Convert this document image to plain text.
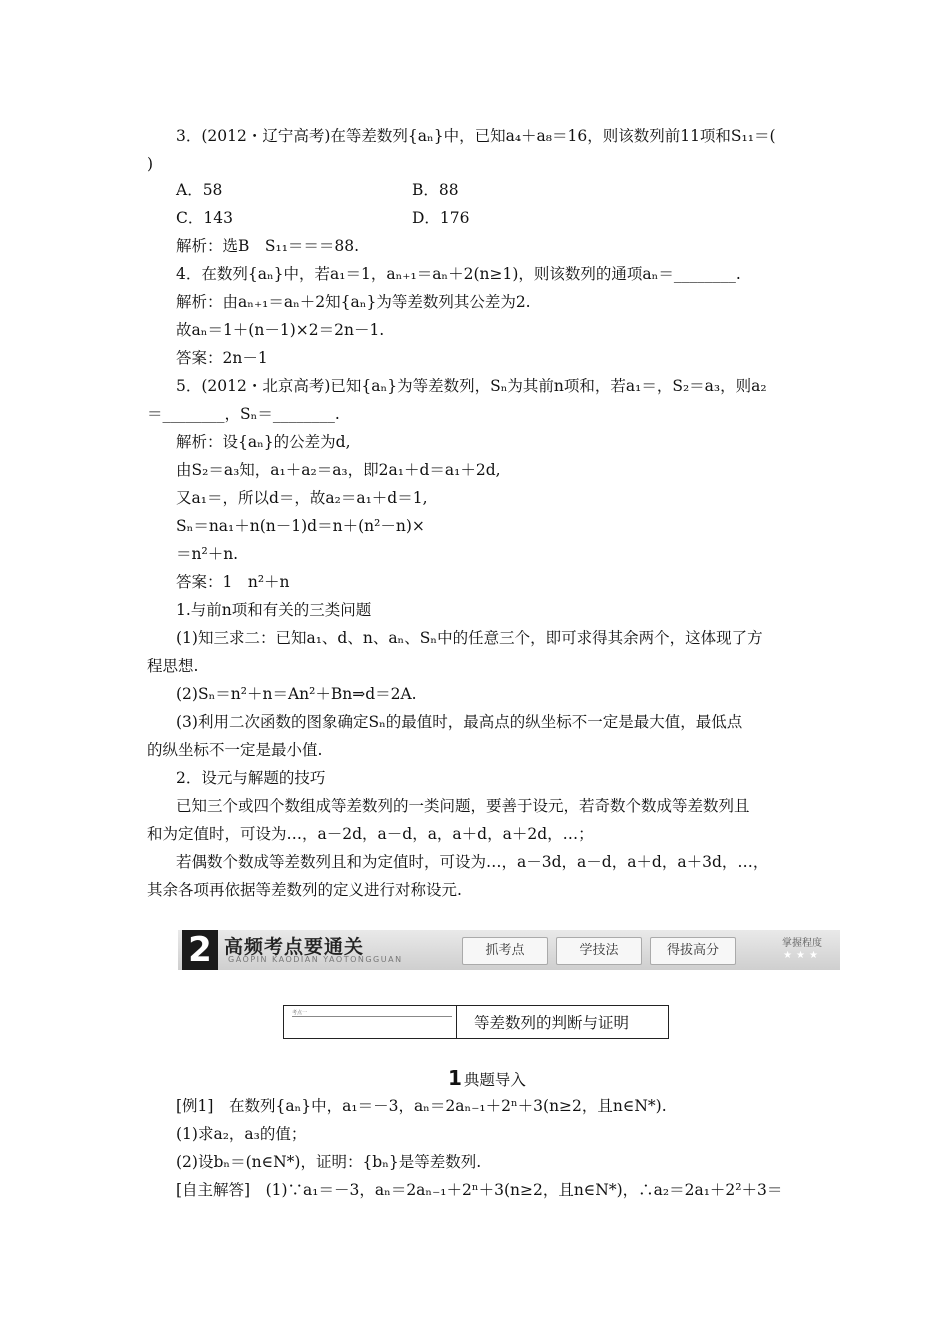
3．(2012・辽宁高考)在等差数列{aₙ}中，已知a₄＋a₈＝16，则该数列前11项和S₁₁＝(
)
A．58	B．88
C．143	D．176
解析：选B　S₁₁＝＝＝88.
4．在数列{aₙ}中，若a₁＝1，aₙ₊₁＝aₙ＋2(n≥1)，则该数列的通项aₙ＝________.
解析：由aₙ₊₁＝aₙ＋2知{aₙ}为等差数列其公差为2.
故aₙ＝1＋(n－1)×2＝2n－1.
答案：2n－1
5．(2012・北京高考)已知{aₙ}为等差数列，Sₙ为其前n项和，若a₁＝，S₂＝a₃，则a₂
＝________，Sₙ＝________.
解析：设{aₙ}的公差为d,
由S₂＝a₃知，a₁＋a₂＝a₃，即2a₁＋d＝a₁＋2d,
又a₁＝，所以d＝，故a₂＝a₁＋d＝1,
Sₙ＝na₁＋n(n－1)d＝n＋(n²－n)×
＝n²＋n.
答案：1　n²＋n
1.与前n项和有关的三类问题
(1)知三求二：已知a₁、d、n、aₙ、Sₙ中的任意三个，即可求得其余两个，这体现了方
程思想.
(2)Sₙ＝n²＋n＝An²＋Bn⇒d＝2A.
(3)利用二次函数的图象确定Sₙ的最值时，最高点的纵坐标不一定是最大值，最低点
的纵坐标不一定是最小值.
2．设元与解题的技巧
已知三个或四个数组成等差数列的一类问题，要善于设元，若奇数个数成等差数列且
和为定值时，可设为…，a－2d，a－d，a，a＋d，a＋2d，…；
若偶数个数成等差数列且和为定值时，可设为…，a－3d，a－d，a＋d，a＋3d，…，
其余各项再依据等差数列的定义进行对称设元.
2 高频考点要通关
GAOPIN KAODIAN YAOTONGGUAN
抓考点	学技法	得拔高分	掌握程度
★★★
考点一
等差数列的判断与证明
1 典题导入
[例1]　在数列{aₙ}中，a₁＝－3，aₙ＝2aₙ₋₁＋2ⁿ＋3(n≥2，且n∈N*).
(1)求a₂，a₃的值；
(2)设bₙ＝(n∈N*)，证明：{bₙ}是等差数列.
[自主解答]　(1)∵a₁＝－3，aₙ＝2aₙ₋₁＋2ⁿ＋3(n≥2，且n∈N*)，∴a₂＝2a₁＋2²＋3＝
